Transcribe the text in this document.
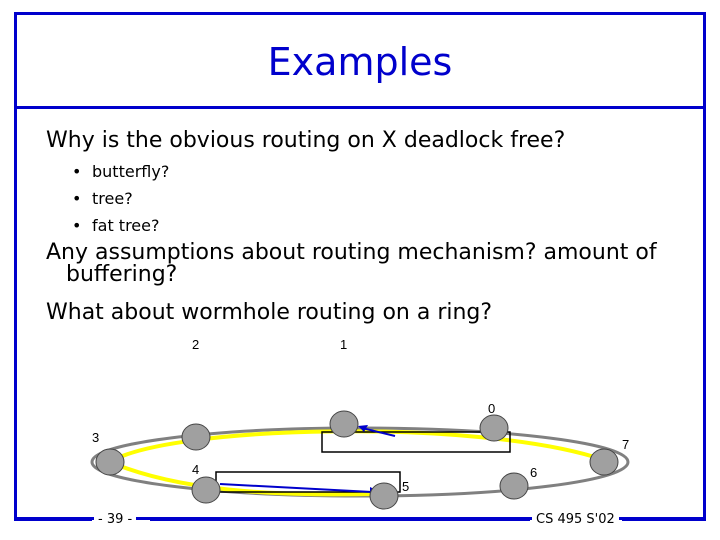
Examples
Why is the obvious routing on X deadlock free?
• butterfly?
• tree?
• fat tree?
Any assumptions about routing mechanism? amount of
buffering?
What about wormhole routing on a ring?
0
1
2
3
4
5
6
7
- 39 -	CS 495 S'02
